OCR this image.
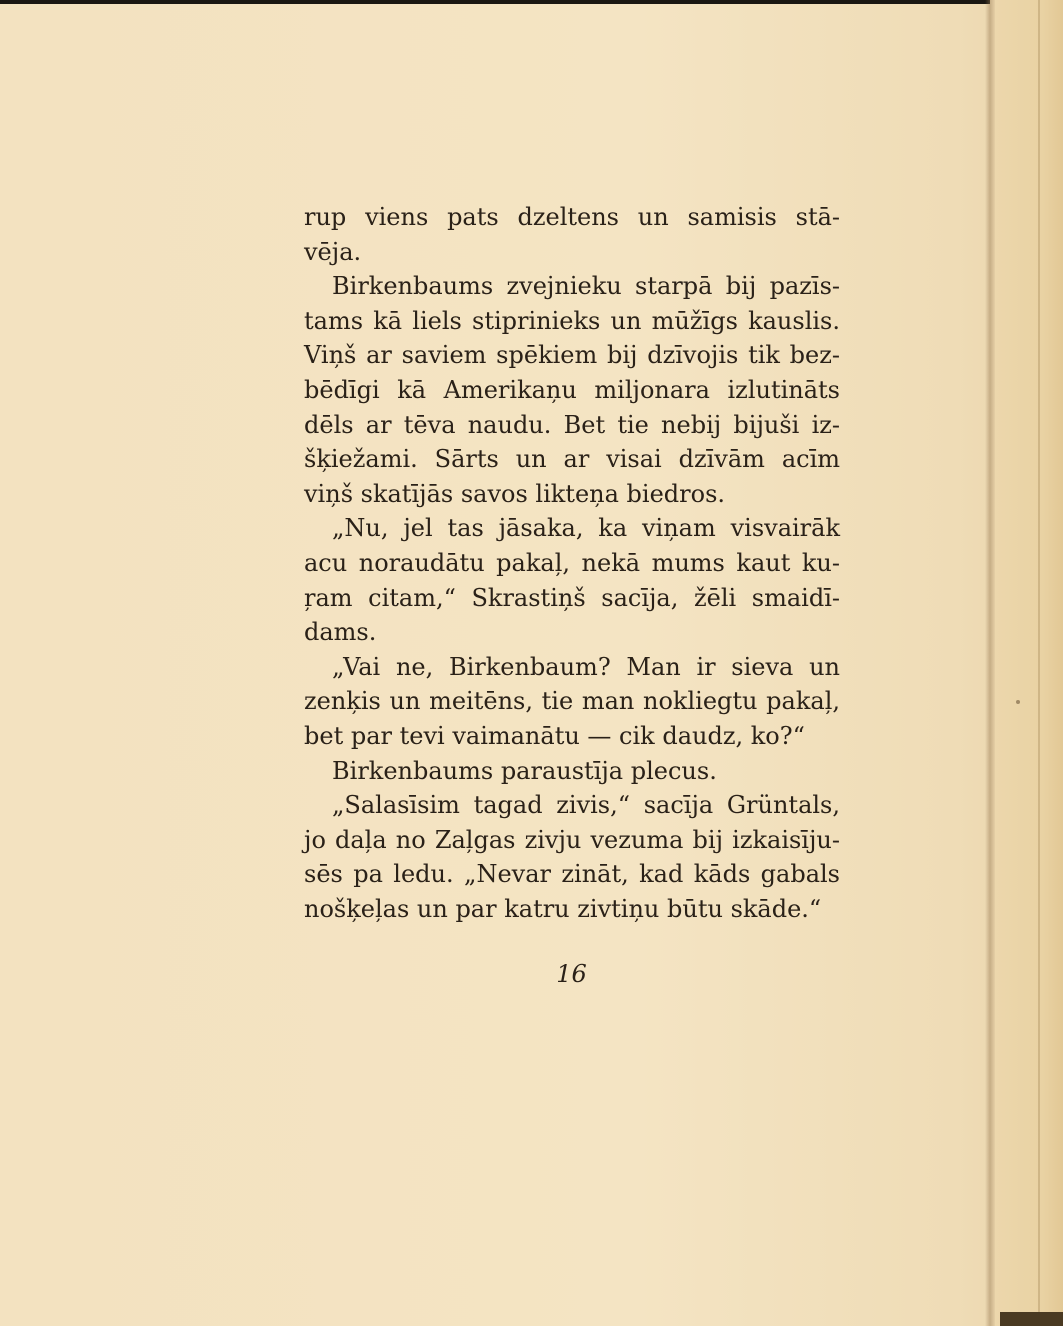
rup viens pats dzeltens un samisis stā-
vēja.
Birkenbaums zvejnieku starpā bij pazīs-
tams kā liels stiprinieks un mūžīgs kauslis.
Viņš ar saviem spēkiem bij dzīvojis tik bez-
bēdīgi kā Amerikaņu miljonara izlutināts
dēls ar tēva naudu. Bet tie nebij bijuši iz-
šķiežami. Sārts un ar visai dzīvām acīm
viņš skatījās savos likteņa biedros.
„Nu, jel tas jāsaka, ka viņam visvairāk
acu noraudātu pakaļ, nekā mums kaut ku-
ŗam citam,“ Skrastiņš sacīja, žēli smaidī-
dams.
„Vai ne, Birkenbaum? Man ir sieva un
zenķis un meitēns, tie man nokliegtu pakaļ,
bet par tevi vaimanātu — cik daudz, ko?“
Birkenbaums paraustīja plecus.
„Salasīsim tagad zivis,“ sacīja Grüntals,
jo daļa no Zaļgas zivju vezuma bij izkaisīju-
sēs pa ledu. „Nevar zināt, kad kāds gabals
nošķeļas un par katru zivtiņu būtu skāde.“
16
